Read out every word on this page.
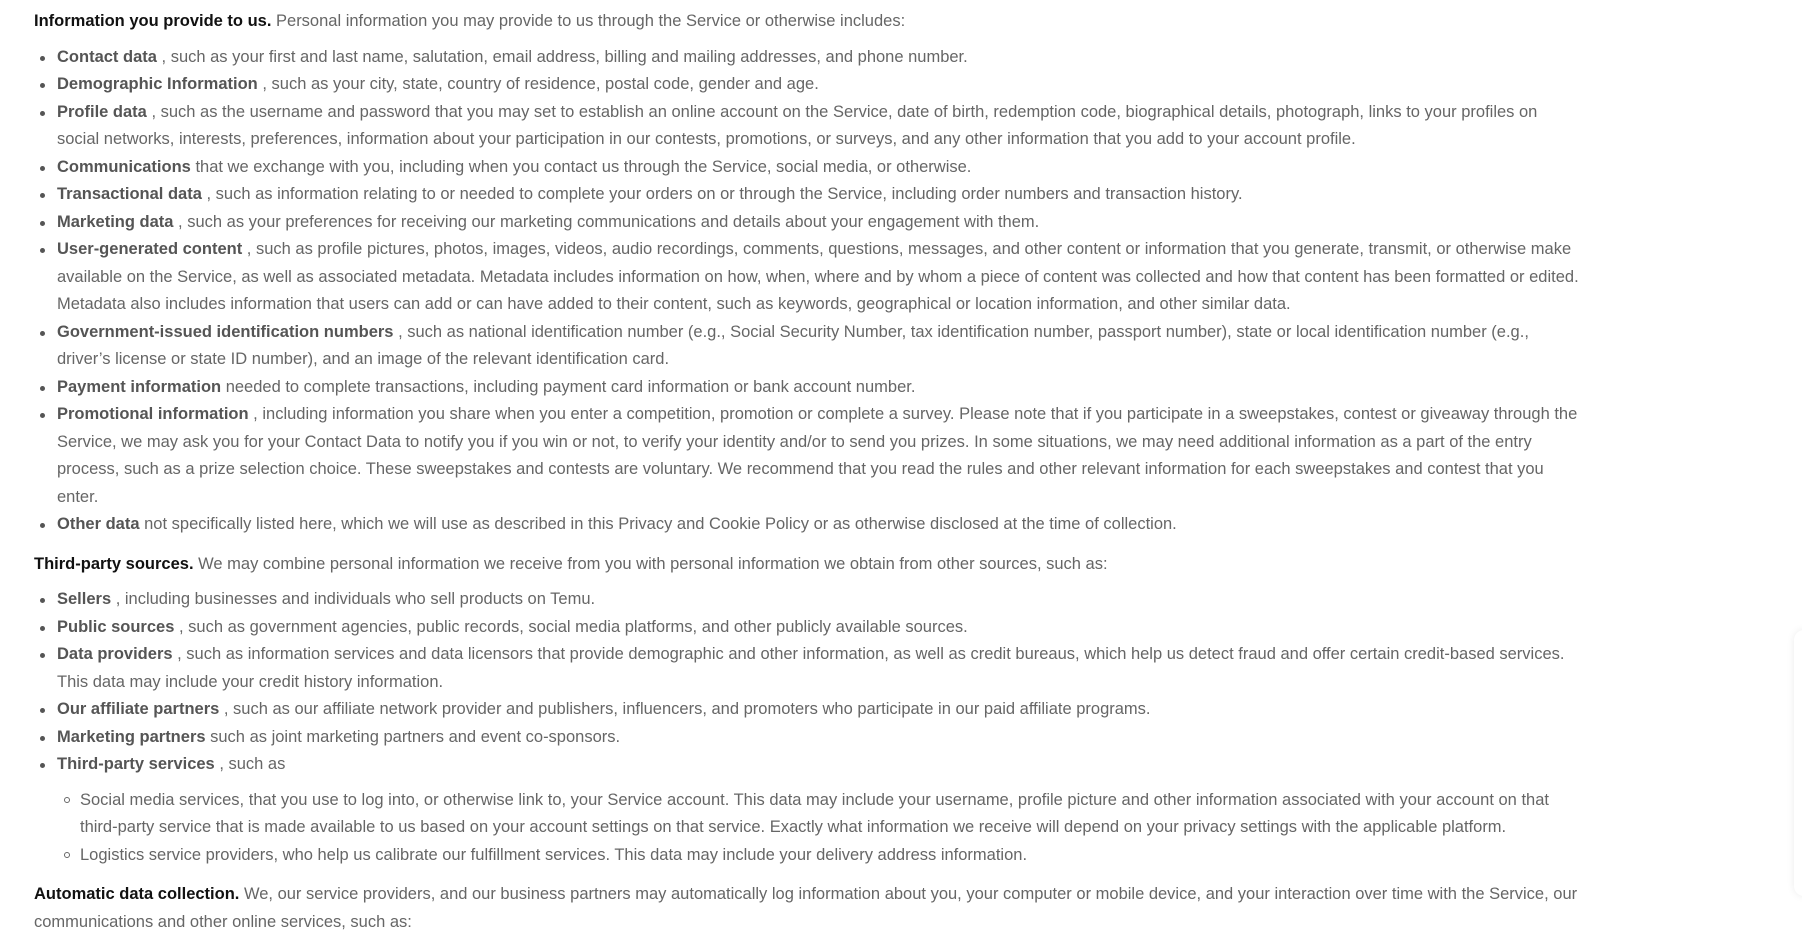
Information you provide to us. Personal information you may provide to us through the Service or otherwise includes:

Contact data , such as your first and last name, salutation, email address, billing and mailing addresses, and phone number.
Demographic Information , such as your city, state, country of residence, postal code, gender and age.
Profile data , such as the username and password that you may set to establish an online account on the Service, date of birth, redemption code, biographical details, photograph, links to your profiles on social networks, interests, preferences, information about your participation in our contests, promotions, or surveys, and any other information that you add to your account profile.
Communications that we exchange with you, including when you contact us through the Service, social media, or otherwise.
Transactional data , such as information relating to or needed to complete your orders on or through the Service, including order numbers and transaction history.
Marketing data , such as your preferences for receiving our marketing communications and details about your engagement with them.
User-generated content , such as profile pictures, photos, images, videos, audio recordings, comments, questions, messages, and other content or information that you generate, transmit, or otherwise make available on the Service, as well as associated metadata. Metadata includes information on how, when, where and by whom a piece of content was collected and how that content has been formatted or edited. Metadata also includes information that users can add or can have added to their content, such as keywords, geographical or location information, and other similar data.
Government-issued identification numbers , such as national identification number (e.g., Social Security Number, tax identification number, passport number), state or local identification number (e.g., driver’s license or state ID number), and an image of the relevant identification card.
Payment information needed to complete transactions, including payment card information or bank account number.
Promotional information , including information you share when you enter a competition, promotion or complete a survey. Please note that if you participate in a sweepstakes, contest or giveaway through the Service, we may ask you for your Contact Data to notify you if you win or not, to verify your identity and/or to send you prizes. In some situations, we may need additional information as a part of the entry process, such as a prize selection choice. These sweepstakes and contests are voluntary. We recommend that you read the rules and other relevant information for each sweepstakes and contest that you enter.
Other data not specifically listed here, which we will use as described in this Privacy and Cookie Policy or as otherwise disclosed at the time of collection.

Third-party sources. We may combine personal information we receive from you with personal information we obtain from other sources, such as:

Sellers , including businesses and individuals who sell products on Temu.
Public sources , such as government agencies, public records, social media platforms, and other publicly available sources.
Data providers , such as information services and data licensors that provide demographic and other information, as well as credit bureaus, which help us detect fraud and offer certain credit-based services. This data may include your credit history information.
Our affiliate partners , such as our affiliate network provider and publishers, influencers, and promoters who participate in our paid affiliate programs.
Marketing partners such as joint marketing partners and event co-sponsors.
Third-party services , such as
Social media services, that you use to log into, or otherwise link to, your Service account. This data may include your username, profile picture and other information associated with your account on that third-party service that is made available to us based on your account settings on that service. Exactly what information we receive will depend on your privacy settings with the applicable platform.
Logistics service providers, who help us calibrate our fulfillment services. This data may include your delivery address information.

Automatic data collection. We, our service providers, and our business partners may automatically log information about you, your computer or mobile device, and your interaction over time with the Service, our communications and other online services, such as:
